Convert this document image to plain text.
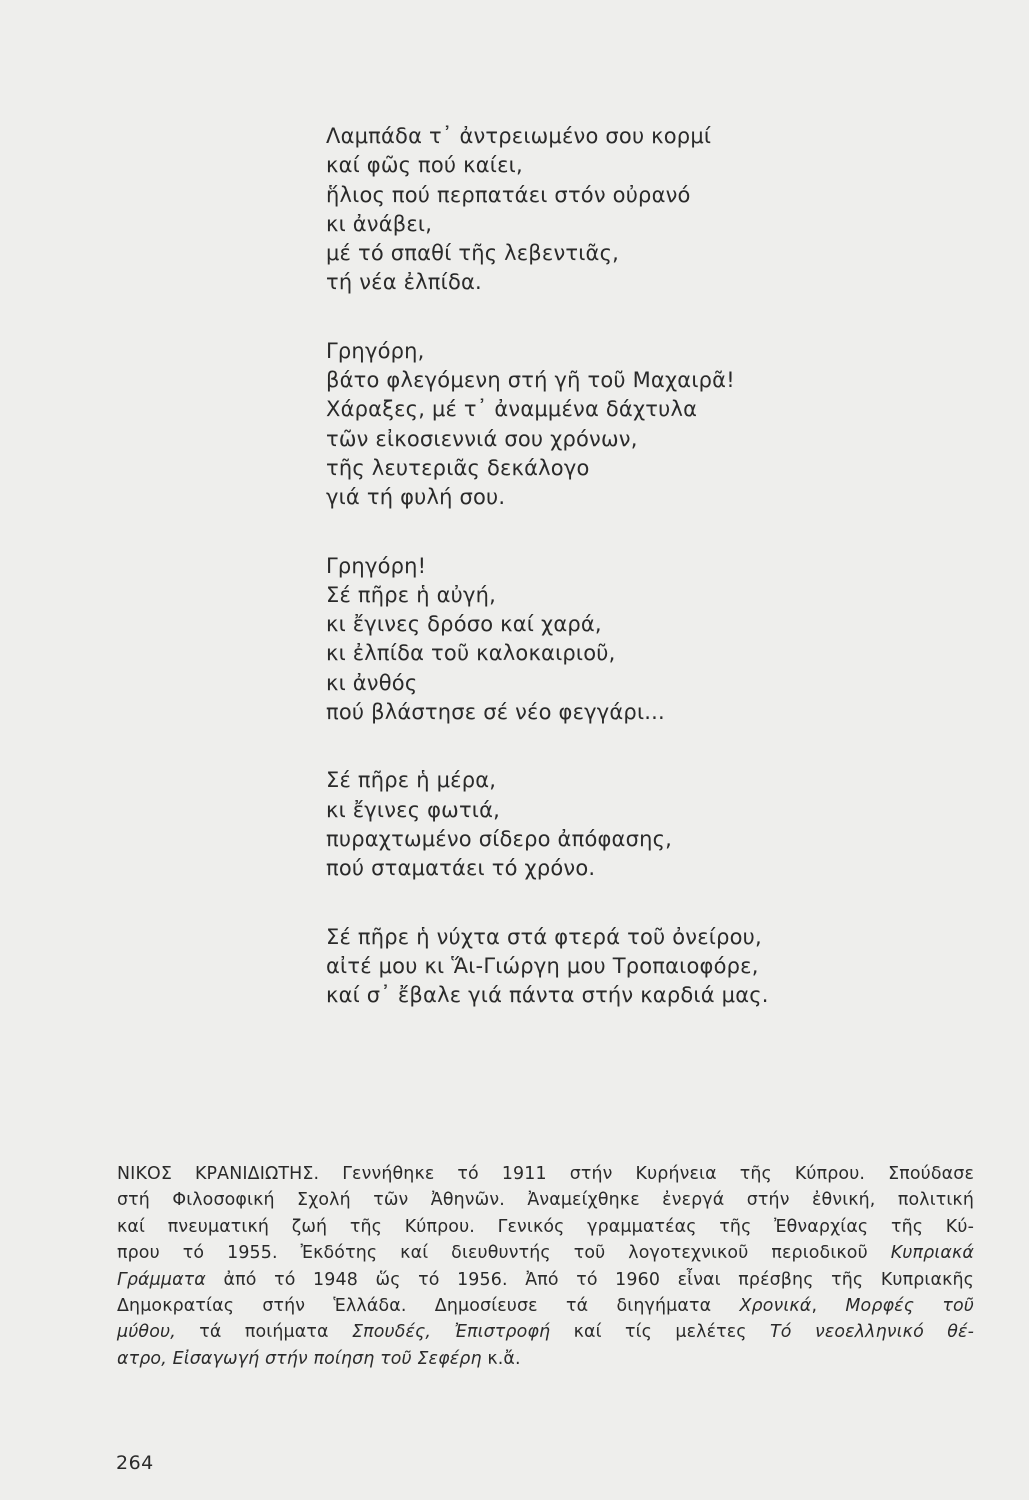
Λαμπάδα τ᾽ ἀντρειωμένο σου κορμί
καί φῶς πού καίει,
ἥλιος πού περπατάει στόν οὐρανό
κι ἀνάβει,
μέ τό σπαθί τῆς λεβεντιᾶς,
τή νέα ἐλπίδα.
Γρηγόρη,
βάτο φλεγόμενη στή γῆ τοῦ Μαχαιρᾶ!
Χάραξες, μέ τ᾽ ἀναμμένα δάχτυλα
τῶν εἰκοσιεννιά σου χρόνων,
τῆς λευτεριᾶς δεκάλογο
γιά τή φυλή σου.
Γρηγόρη!
Σέ πῆρε ἡ αὐγή,
κι ἔγινες δρόσο καί χαρά,
κι ἐλπίδα τοῦ καλοκαιριοῦ,
κι ἀνθός
πού βλάστησε σέ νέο φεγγάρι...
Σέ πῆρε ἡ μέρα,
κι ἔγινες φωτιά,
πυραχτωμένο σίδερο ἀπόφασης,
πού σταματάει τό χρόνο.
Σέ πῆρε ἡ νύχτα στά φτερά τοῦ ὀνείρου,
αἰτέ μου κι Ἅι-Γιώργη μου Τροπαιοφόρε,
καί σ᾽ ἔβαλε γιά πάντα στήν καρδιά μας.
ΝΙΚΟΣ ΚΡΑΝΙΔΙΩΤΗΣ. Γεννήθηκε τό 1911 στήν Κυρήνεια τῆς Κύπρου. Σπούδασε
στή Φιλοσοφική Σχολή τῶν Ἀθηνῶν. Ἀναμείχθηκε ἐνεργά στήν ἐθνική, πολιτική
καί πνευματική ζωή τῆς Κύπρου. Γενικός γραμματέας τῆς Ἐθναρχίας τῆς Κύ-
πρου τό 1955. Ἐκδότης καί διευθυντής τοῦ λογοτεχνικοῦ περιοδικοῦ Κυπριακά
Γράμματα ἀπό τό 1948 ὥς τό 1956. Ἀπό τό 1960 εἶναι πρέσβης τῆς Κυπριακῆς
Δημοκρατίας στήν Ἑλλάδα. Δημοσίευσε τά διηγήματα Χρονικά, Μορφές τοῦ
μύθου, τά ποιήματα Σπουδές, Ἐπιστροφή καί τίς μελέτες Τό νεοελληνικό θέ-
ατρο, Εἰσαγωγή στήν ποίηση τοῦ Σεφέρη κ.ἄ.
264
